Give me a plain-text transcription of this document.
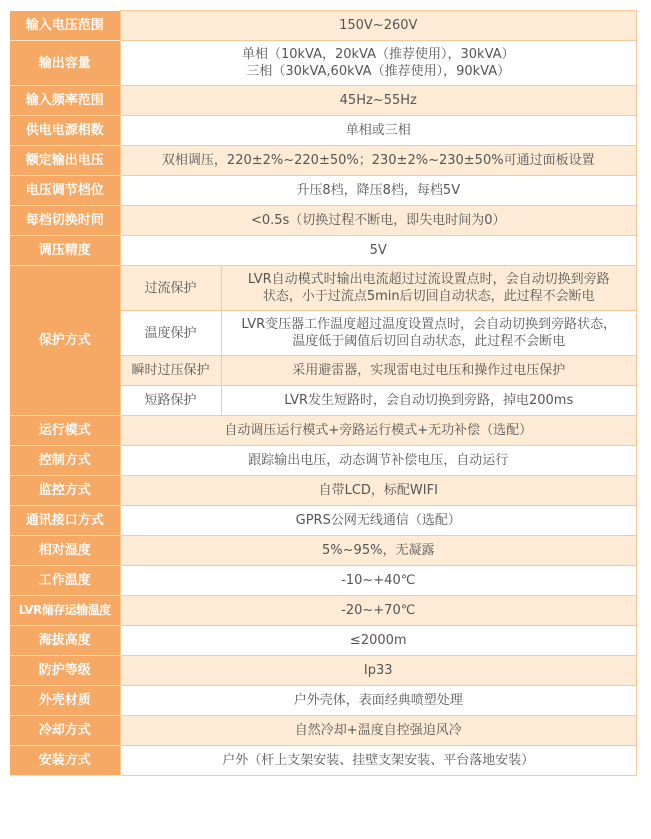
输入电压范围	150V~260V	
输出容量	单相（10kVA，20kVA（推荐使用），30kVA）
三相（30kVA,60kVA（推荐使用），90kVA）	

输入频率范围	45Hz~55Hz	
供电电源相数	单相或三相	
额定输出电压	双相调压，220±2%~220±50%；230±2%~230±50%可通过面板设置	
电压调节档位	升压8档，降压8档，每档5V	
每档切换时间	<0.5s（切换过程不断电，即失电时间为0）	
调压精度	5V	
保护方式	过流保护	LVR自动模式时输出电流超过过流设置点时，会自动切换到旁路
状态，小于过流点5min后切回自动状态，此过程不会断电

	温度保护	LVR变压器工作温度超过温度设置点时，会自动切换到旁路状态，
温度低于阈值后切回自动状态，此过程不会断电

	瞬时过压保护	采用避雷器，实现雷电过电压和操作过电压保护
	短路保护	LVR发生短路时，会自动切换到旁路，掉电200ms
运行模式	自动调压运行模式+旁路运行模式+无功补偿（选配）	
控制方式	跟踪输出电压，动态调节补偿电压，自动运行	
监控方式	自带LCD，标配WIFI	
通讯接口方式	GPRS公网无线通信（选配）	
相对湿度	5%~95%，无凝露	
工作温度	-10~+40℃	
LVR储存运输温度	-20~+70℃	
海拔高度	≤2000m	
防护等级	Ip33	
外壳材质	户外壳体，表面经典喷塑处理	
冷却方式	自然冷却+温度自控强迫风冷	
安装方式	户外（杆上支架安装、挂壁支架安装、平台落地安装）	
